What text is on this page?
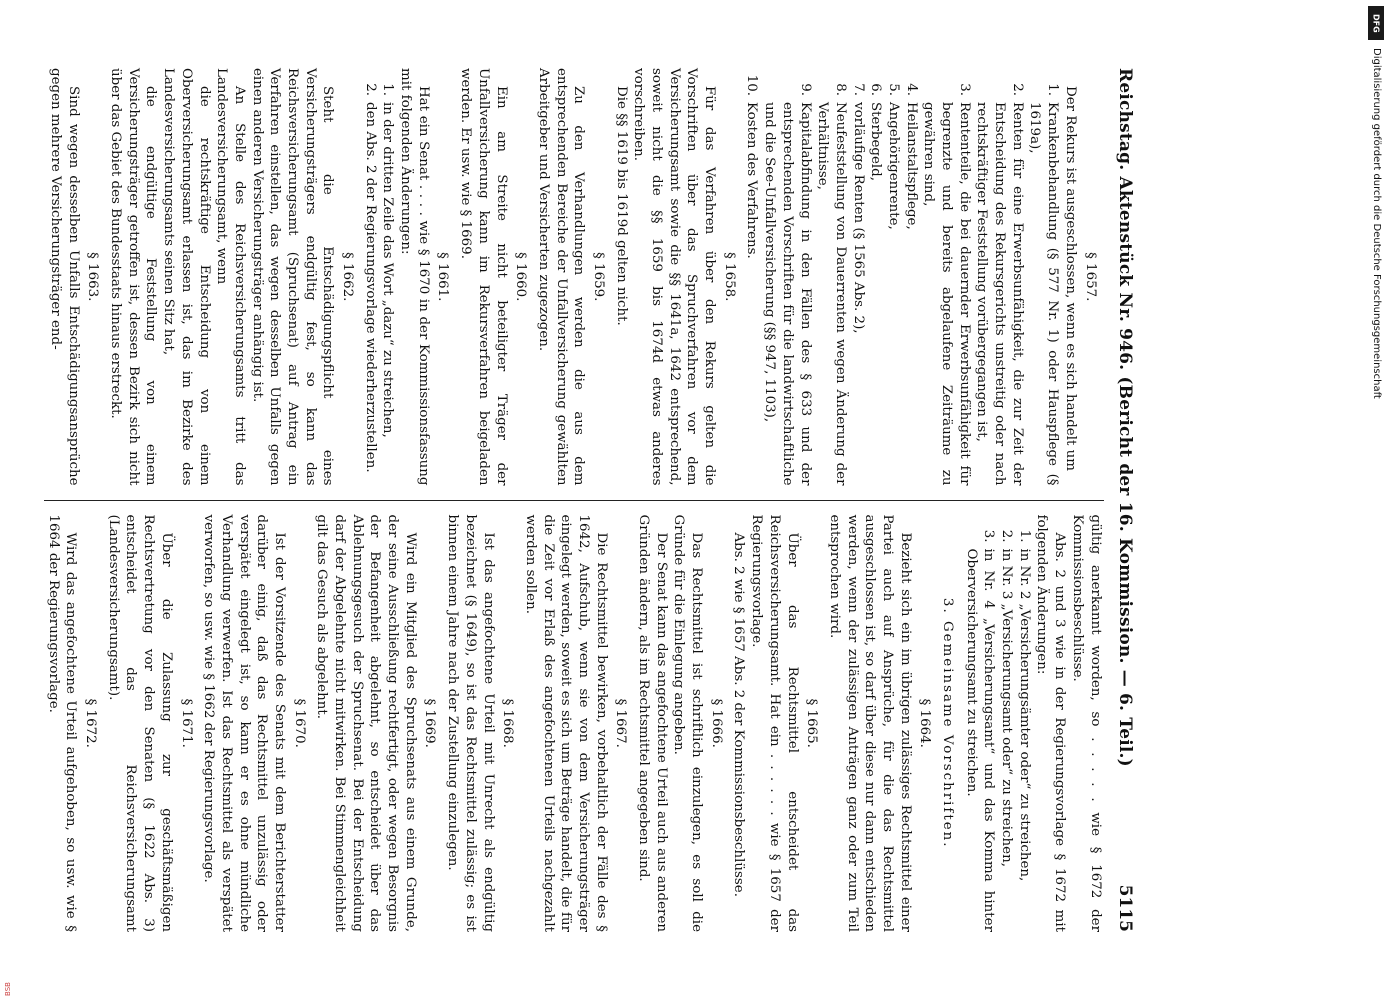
Reichstag. Aktenstück Nr. 946. (Bericht der 16. Kommission. — 6. Teil.)
5115
§ 1657.
Der Rekurs ist ausgeschlossen, wenn es sich handelt um
1.
Krankenbehandlung (§ 577 Nr. 1) oder Hauspflege (§ 1619a),
2.
Renten für eine Erwerbsunfähigkeit, die zur Zeit der Entscheidung des Rekursgerichts unstreitig oder nach rechtskräftiger Feststellung vorübergegangen ist,
3.
Rententeile, die bei dauernder Erwerbsunfähigkeit für begrenzte und bereits abgelaufene Zeiträume zu gewähren sind,
4.
Heilanstaltspflege,
5.
Angehörigenrente,
6.
Sterbegeld,
7.
vorläufige Renten (§ 1565 Abs. 2),
8.
Neufeststellung von Dauerrenten wegen Änderung der Verhältnisse,
9.
Kapitalabfindung in den Fällen des § 633 und der entsprechenden Vorschriften für die landwirtschaftliche und die See-Unfallversicherung (§§ 947, 1103),
10.
Kosten des Verfahrens.
§ 1658.
Für das Verfahren über den Rekurs gelten die Vorschriften über das Spruchverfahren vor dem Versicherungsamt sowie die §§ 1641a, 1642 entsprechend, soweit nicht die §§ 1659 bis 1674d etwas anderes vorschreiben.
Die §§ 1619 bis 1619d gelten nicht.
§ 1659.
Zu den Verhandlungen werden die aus dem entsprechenden Bereiche der Unfallversicherung gewählten Arbeitgeber und Versicherten zugezogen.
§ 1660.
Ein am Streite nicht beteiligter Träger der Unfallversicherung kann im Rekursverfahren beigeladen werden. Er usw. wie § 1669.
§ 1661.
Hat ein Senat . . . . wie § 1670 in der Kommissionsfassung mit folgenden Änderungen:
1.
in der dritten Zeile das Wort „dazu“ zu streichen,
2.
den Abs. 2 der Regierungsvorlage wiederherzustellen.
§ 1662.
Steht die Entschädigungspflicht eines Versicherungsträgers endgültig fest, so kann das Reichsversicherungsamt (Spruchsenat) auf Antrag ein Verfahren einstellen, das wegen desselben Unfalls gegen einen anderen Versicherungsträger anhängig ist.
An Stelle des Reichsversicherungsamts tritt das Landesversicherungsamt, wenn
die rechtskräftige Entscheidung von einem Oberversicherungsamt erlassen ist, das im Bezirke des Landesversicherungsamts seinen Sitz hat,
die endgültige Feststellung von einem Versicherungsträger getroffen ist, dessen Bezirk sich nicht über das Gebiet des Bundesstaats hinaus erstreckt.
§ 1663.
Sind wegen desselben Unfalls Entschädigungsansprüche gegen mehrere Versicherungsträger end-
gültig anerkannt worden, so . . . . . wie § 1672 der Kommissionsbeschlüsse.
Abs. 2 und 3 wie in der Regierungsvorlage § 1672 mit folgenden Änderungen:
1.
in Nr. 2 „Versicherungsämter oder“ zu streichen,
2.
in Nr. 3 „Versicherungsamt oder“ zu streichen,
3.
in Nr. 4 „Versicherungsamt“ und das Komma hinter Oberversicherungsamt zu streichen.
3. Gemeinsame Vorschriften.
§ 1664.
Bezieht sich ein im übrigen zulässiges Rechtsmittel einer Partei auch auf Ansprüche, für die das Rechtsmittel ausgeschlossen ist, so darf über diese nur dann entschieden werden, wenn der zulässigen Anträgen ganz oder zum Teil entsprochen wird.
§ 1665.
Über das Rechtsmittel entscheidet das Reichsversicherungsamt. Hat ein . . . . . . wie § 1657 der Regierungsvorlage.
Abs. 2 wie § 1657 Abs. 2 der Kommissionsbeschlüsse.
§ 1666.
Das Rechtsmittel ist schriftlich einzulegen, es soll die Gründe für die Einlegung angeben.
Der Senat kann das angefochtene Urteil auch aus anderen Gründen ändern, als im Rechtsmittel angegeben sind.
§ 1667.
Die Rechtsmittel bewirken, vorbehaltlich der Fälle des § 1642, Aufschub, wenn sie von dem Versicherungsträger eingelegt werden, soweit es sich um Beträge handelt, die für die Zeit vor Erlaß des angefochtenen Urteils nachgezahlt werden sollen.
§ 1668.
Ist das angefochtene Urteil mit Unrecht als endgültig bezeichnet (§ 1649), so ist das Rechtsmittel zulässig; es ist binnen einem Jahre nach der Zustellung einzulegen.
§ 1669.
Wird ein Mitglied des Spruchsenats aus einem Grunde, der seine Ausschließung rechtfertigt, oder wegen Besorgnis der Befangenheit abgelehnt, so entscheidet über das Ablehnungsgesuch der Spruchsenat. Bei der Entscheidung darf der Abgelehnte nicht mitwirken. Bei Stimmengleichheit gilt das Gesuch als abgelehnt.
§ 1670.
Ist der Vorsitzende des Senats mit dem Berichterstatter darüber einig, daß das Rechtsmittel unzulässig oder verspätet eingelegt ist, so kann er es ohne mündliche Verhandlung verwerfen. Ist das Rechtsmittel als verspätet verworfen, so usw. wie § 1662 der Regierungsvorlage.
§ 1671.
Über die Zulassung zur geschäftsmäßigen Rechtsvertretung vor den Senaten (§ 1622 Abs. 3) entscheidet das Reichsversicherungsamt (Landesversicherungsamt).
§ 1672.
Wird das angefochtene Urteil aufgehoben, so usw. wie § 1664 der Regierungsvorlage.
DFG
Digitalisierung gefördert durch die Deutsche Forschungsgemeinschaft
BSB
